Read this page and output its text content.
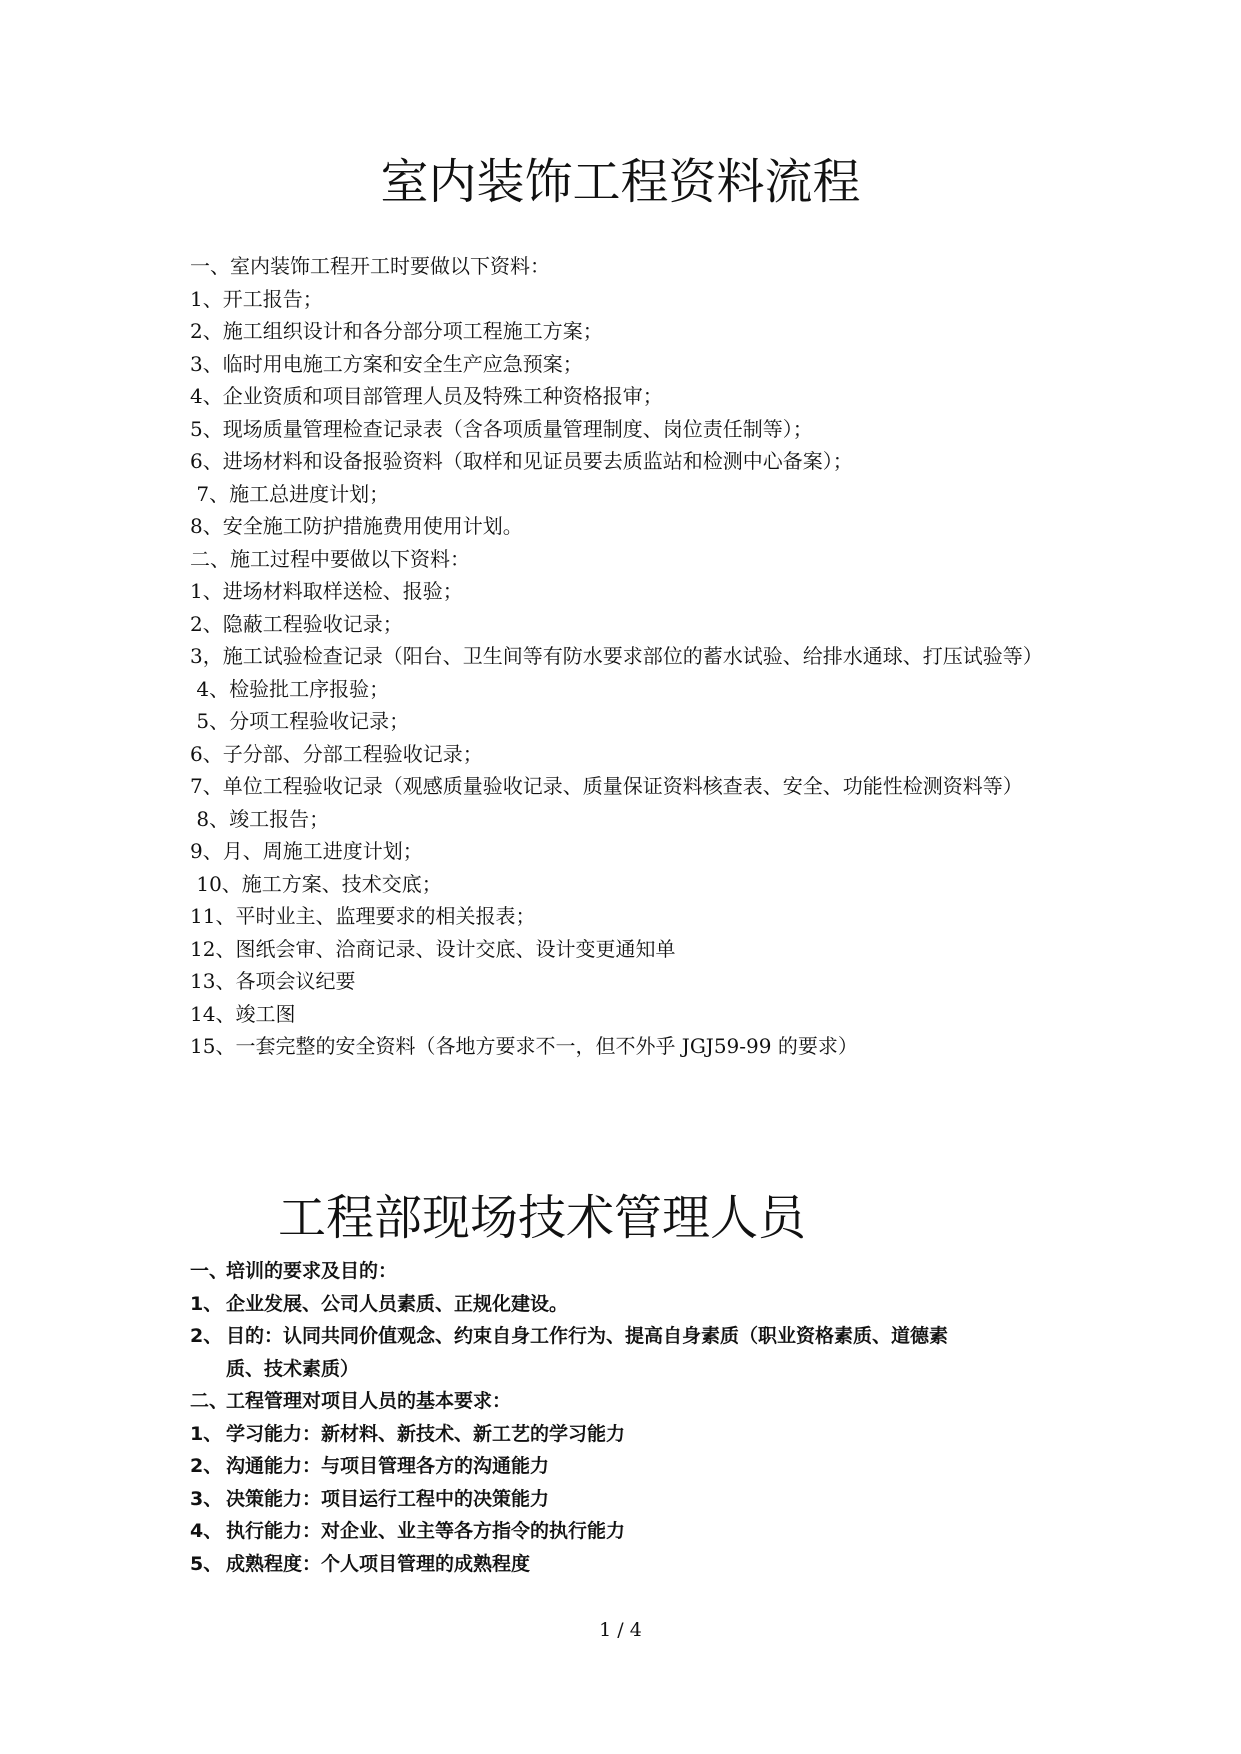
室内装饰工程资料流程

一、室内装饰工程开工时要做以下资料：

1、开工报告；

2、施工组织设计和各分部分项工程施工方案；

3、临时用电施工方案和安全生产应急预案；

4、企业资质和项目部管理人员及特殊工种资格报审；

5、现场质量管理检查记录表（含各项质量管理制度、岗位责任制等）；

6、进场材料和设备报验资料（取样和见证员要去质监站和检测中心备案）；

7、施工总进度计划；

8、安全施工防护措施费用使用计划。

二、施工过程中要做以下资料：

1、进场材料取样送检、报验；

2、隐蔽工程验收记录；

3，施工试验检查记录（阳台、卫生间等有防水要求部位的蓄水试验、给排水通球、打压试验等）

4、检验批工序报验；

5、分项工程验收记录；

6、子分部、分部工程验收记录；

7、单位工程验收记录（观感质量验收记录、质量保证资料核查表、安全、功能性检测资料等）

8、竣工报告；

9、月、周施工进度计划；

10、施工方案、技术交底；

11、平时业主、监理要求的相关报表；

12、图纸会审、洽商记录、设计交底、设计变更通知单

13、各项会议纪要

14、竣工图

15、一套完整的安全资料（各地方要求不一，但不外乎 JGJ59-99 的要求）

工程部现场技术管理人员

一、培训的要求及目的：

1、 企业发展、公司人员素质、正规化建设。

2、 目的：认同共同价值观念、约束自身工作行为、提高自身素质（职业资格素质、道德素

质、技术素质）

二、工程管理对项目人员的基本要求：

1、 学习能力：新材料、新技术、新工艺的学习能力

2、 沟通能力：与项目管理各方的沟通能力

3、 决策能力：项目运行工程中的决策能力

4、 执行能力：对企业、业主等各方指令的执行能力

5、 成熟程度：个人项目管理的成熟程度

1 / 4
